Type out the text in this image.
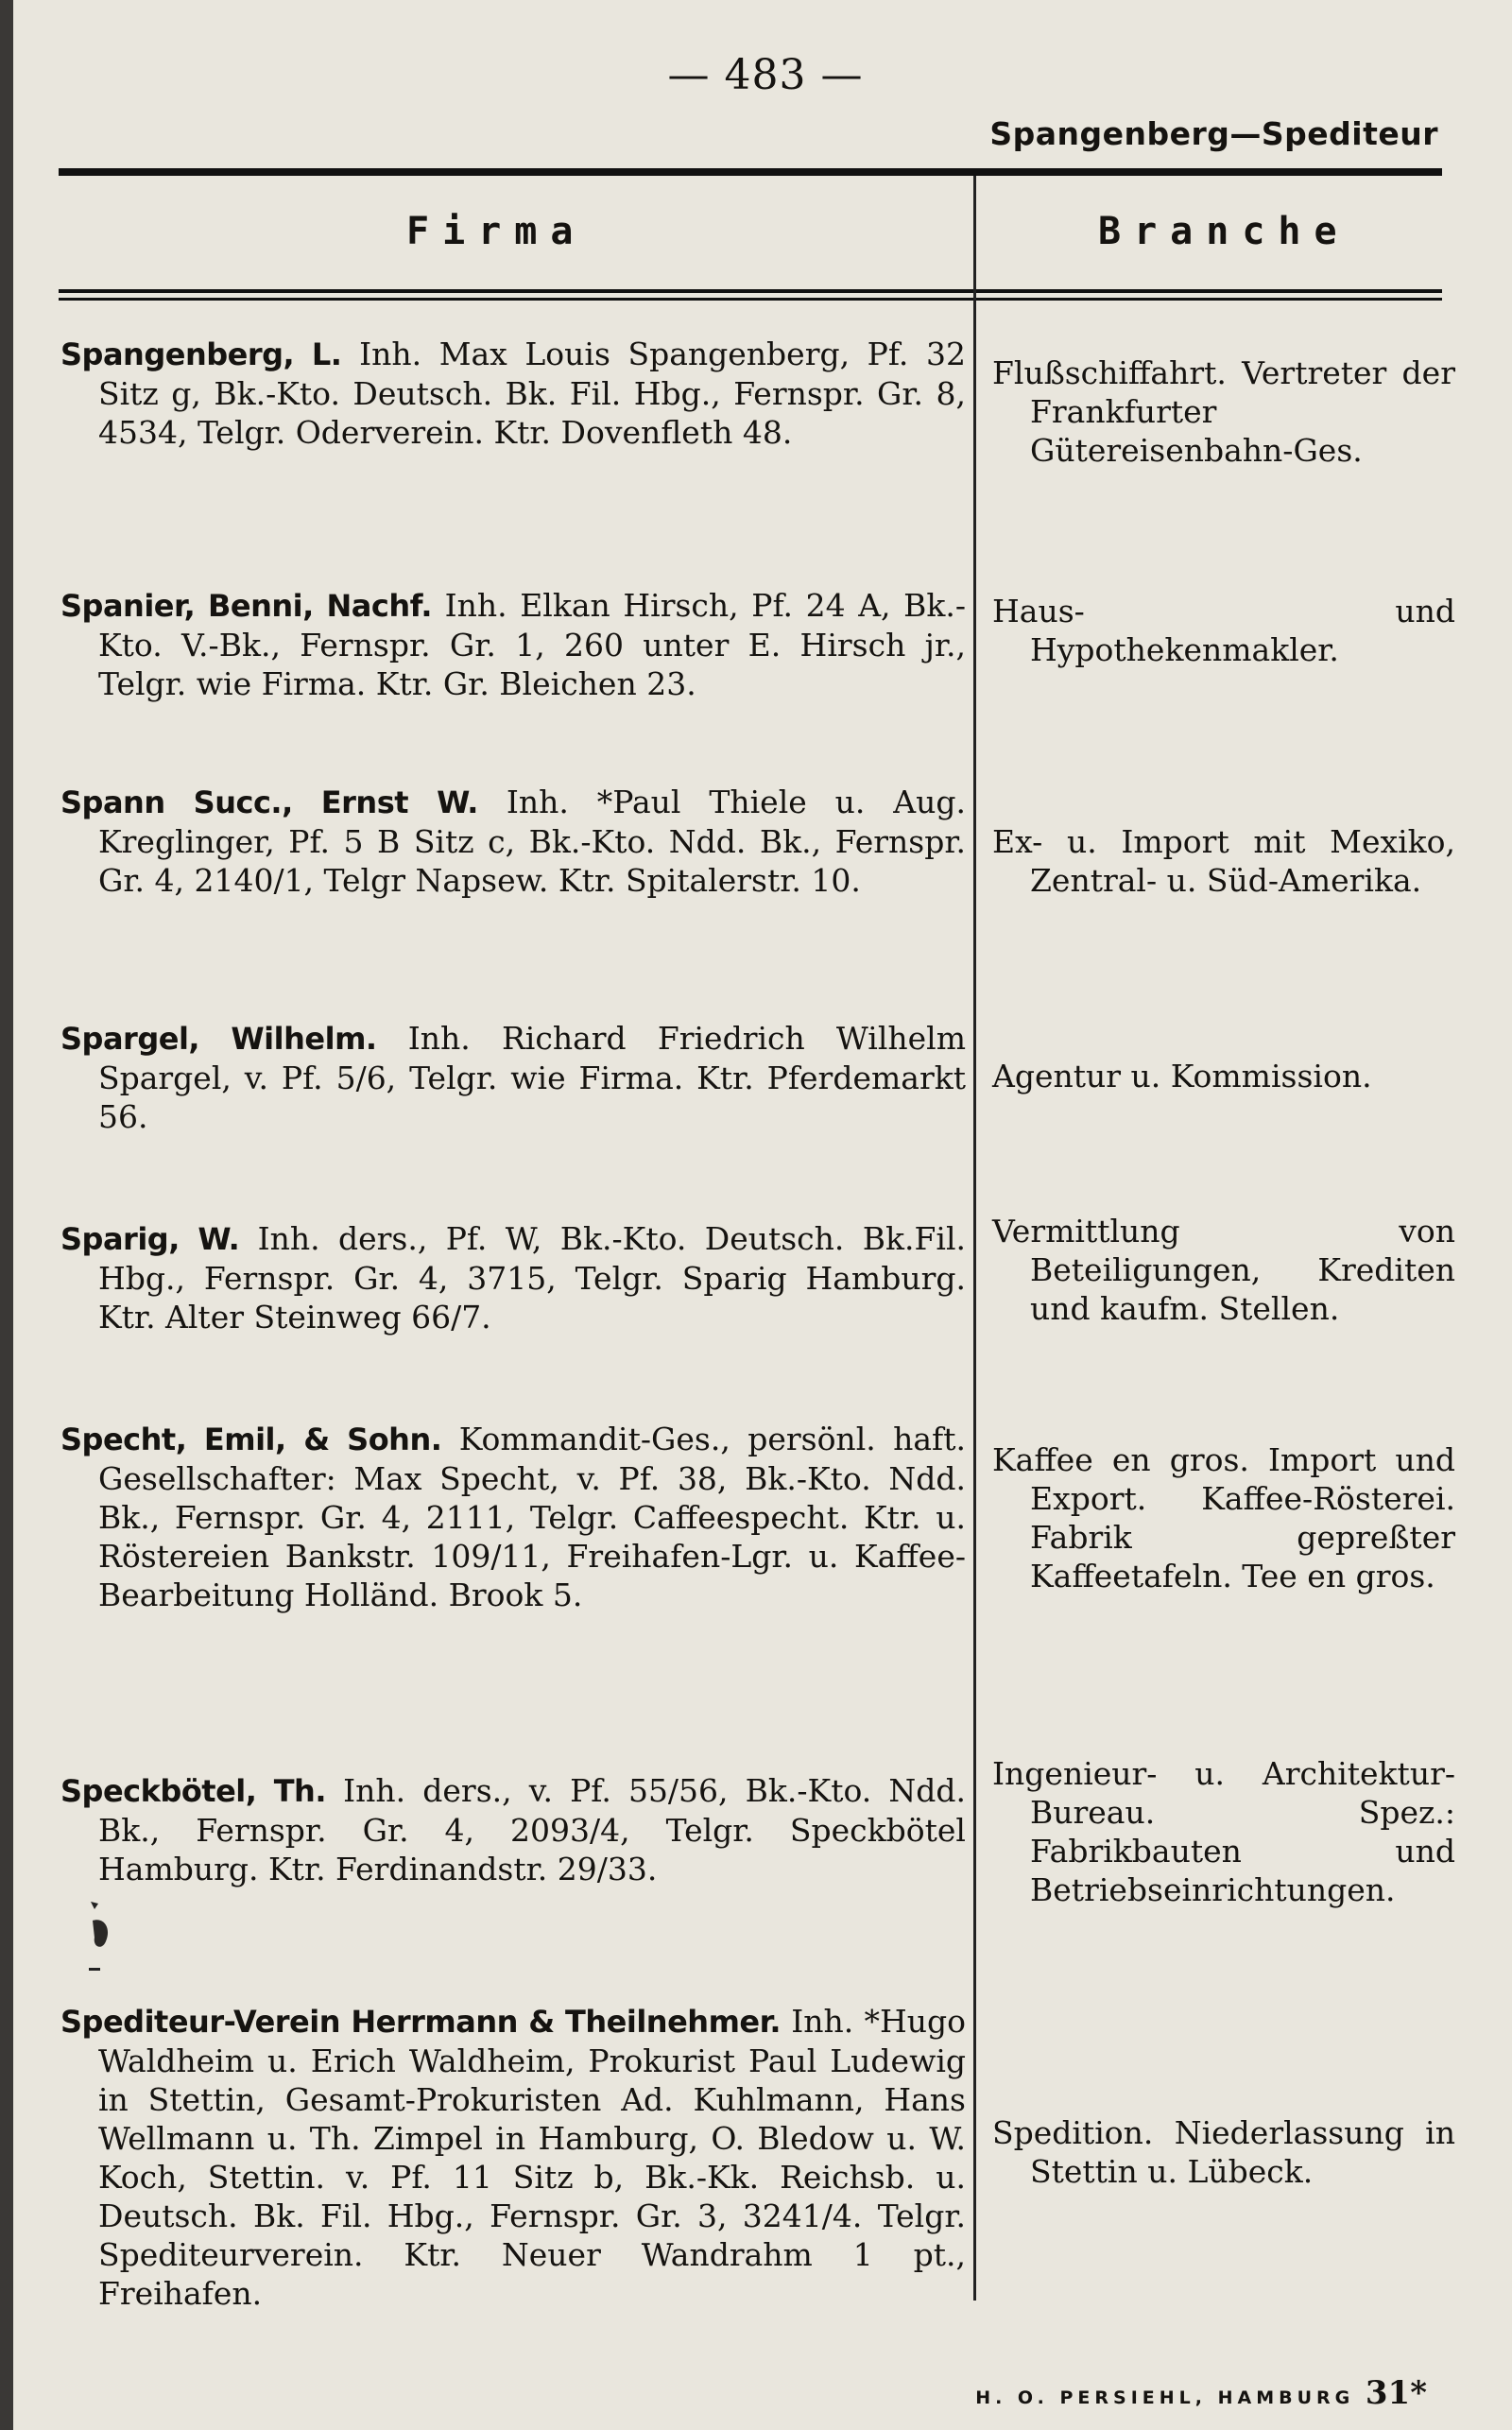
— 483 —
Spangenberg—Spediteur
Firma	Branche
Spangenberg, L. Inh. Max Louis Spangenberg, Pf. 32 Sitz g, Bk.-Kto. Deutsch. Bk. Fil. Hbg., Fernspr. Gr. 8, 4534, Telgr. Oderverein. Ktr. Dovenfleth 48.
Flußschiffahrt. Vertreter der Frankfurter Gütereisenbahn-Ges.
Spanier, Benni, Nachf. Inh. Elkan Hirsch, Pf. 24 A, Bk.-Kto. V.-Bk., Fernspr. Gr. 1, 260 unter E. Hirsch jr., Telgr. wie Firma. Ktr. Gr. Bleichen 23.
Haus- und Hypothekenmakler.
Spann Succ., Ernst W. Inh. *Paul Thiele u. Aug. Kreglinger, Pf. 5 B Sitz c, Bk.-Kto. Ndd. Bk., Fernspr. Gr. 4, 2140/1, Telgr Napsew. Ktr. Spitalerstr. 10.
Ex- u. Import mit Mexiko, Zentral- u. Süd-Amerika.
Spargel, Wilhelm. Inh. Richard Friedrich Wilhelm Spargel, v. Pf. 5/6, Telgr. wie Firma. Ktr. Pferdemarkt 56.
Agentur u. Kommission.
Sparig, W. Inh. ders., Pf. W, Bk.-Kto. Deutsch. Bk.Fil. Hbg., Fernspr. Gr. 4, 3715, Telgr. Sparig Hamburg. Ktr. Alter Steinweg 66/7.
Vermittlung von Beteiligungen, Krediten und kaufm. Stellen.
Specht, Emil, & Sohn. Kommandit-Ges., persönl. haft. Gesellschafter: Max Specht, v. Pf. 38, Bk.-Kto. Ndd. Bk., Fernspr. Gr. 4, 2111, Telgr. Caffeespecht. Ktr. u. Röstereien Bankstr. 109/11, Freihafen-Lgr. u. Kaffee-Bearbeitung Holländ. Brook 5.
Kaffee en gros. Import und Export. Kaffee-Rösterei. Fabrik gepreßter Kaffeetafeln. Tee en gros.
Speckbötel, Th. Inh. ders., v. Pf. 55/56, Bk.-Kto. Ndd. Bk., Fernspr. Gr. 4, 2093/4, Telgr. Speckbötel Hamburg. Ktr. Ferdinandstr. 29/33.
Ingenieur- u. Architektur-Bureau. Spez.: Fabrikbauten und Betriebseinrichtungen.
Spediteur-Verein Herrmann & Theilnehmer. Inh. *Hugo Waldheim u. Erich Waldheim, Prokurist Paul Ludewig in Stettin, Gesamt-Prokuristen Ad. Kuhlmann, Hans Wellmann u. Th. Zimpel in Hamburg, O. Bledow u. W. Koch, Stettin. v. Pf. 11 Sitz b, Bk.-Kk. Reichsb. u. Deutsch. Bk. Fil. Hbg., Fernspr. Gr. 3, 3241/4. Telgr. Spediteurverein. Ktr. Neuer Wandrahm 1 pt., Freihafen.
Spedition. Niederlassung in Stettin u. Lübeck.
H. O. PERSIEHL, HAMBURG 31*
